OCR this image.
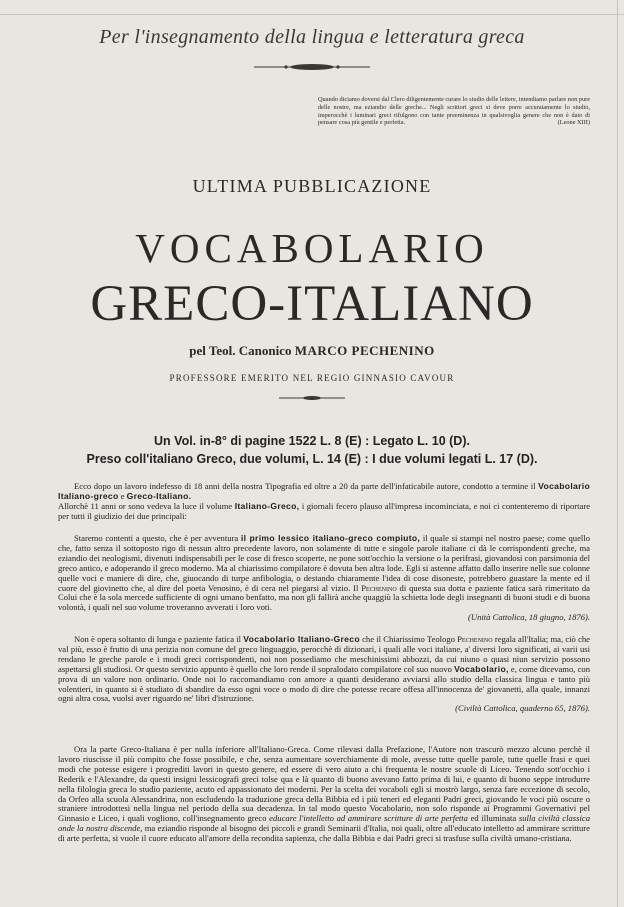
Per l'insegnamento della lingua e letteratura greca
Quando diciamo doversi dal Clero diligentemente curare lo studio delle lettere, intendiamo parlare non pure delle nostre, ma eziandio delle greche... Negli scrittori greci si deve porre accuratamente lo studio, imperocchè i luminari greci rifulgono con tante preeminenza in qualsivoglia genere che non è dato di pensare cosa più gentile e perfetta.	(Leone XIII)
ULTIMA PUBBLICAZIONE
VOCABOLARIO
GRECO-ITALIANO
pel Teol. Canonico MARCO PECHENINO
PROFESSORE EMERITO NEL REGIO GINNASIO CAVOUR
Un Vol. in-8° di pagine 1522 L. 8 (E) : Legato L. 10 (D).
Preso coll'italiano Greco, due volumi, L. 14 (E) : I due volumi legati L. 17 (D).

Ecco dopo un lavoro indefesso di 18 anni della nostra Tipografia ed oltre a 20 da parte dell'infaticabile autore, condotto a termine il Vocabolario Italiano-greco e Greco-Italiano.
Allorchè 11 anni or sono vedeva la luce il volume Italiano-Greco, i giornali fecero plauso all'impresa incominciata, e noi ci contenteremo di riportare per tutti il giudizio dei due principali:

Staremo contenti a questo, che è per avventura il primo lessico italiano-greco compiuto, il quale si stampi nel nostro paese; come quello che, fatto senza il sottoposto rigo di nessun altro precedente lavoro, non solamente di tutte e singole parole italiane ci dà le corrispondenti greche, ma eziandio dei neologismi, divenuti indispensabili per le cose di fresco scoperte, ne pone sott'occhio la versione o la perifrasi, giovandosi con parsimonia del greco antico, e adoperando il greco moderno. Ma al chiarissimo compilatore è dovuta ben altra lode. Egli si astenne affatto dallo inserire nelle sue colonne quelle voci e maniere di dire, che, giuocando di turpe anfibologia, o destando chiaramente l'idea di cose disoneste, potrebbero guastare la mente ed il cuore del giovinetto che, al dire del poeta Venosino, è di cera nel piegarsi al vizio. Il Pechenino di questa sua dotta e paziente fatica sarà rimeritato da Colui che è la sola mercede sufficiente di ogni umano benfatto, ma non gli fallirà anche quaggiù la schietta lode degli insegnanti di buoni studi e di buona volontà, i quali nel suo volume troveranno avverati i loro voti.

(Unità Cattolica, 18 giugno, 1876).

Non è opera soltanto di lunga e paziente fatica il Vocabolario Italiano-Greco che il Chiarissimo Teologo Pechenino regala all'Italia; ma, ciò che val più, esso è frutto di una perizia non comune del greco linguaggio, perocchè di dizionari, i quali alle voci italiane, a' diversi loro significati, ai varii usi rendano le greche parole e i modi greci corrispondenti, noi non possediamo che meschinissimi abbozzi, da cui niuno o quasi niun servizio possono aspettarsi gli studiosi. Or questo servizio appunto è quello che loro rende il sopralodato compilatore col suo nuovo Vocabolario, e, come dicevamo, con prova di un valore non ordinario. Onde noi lo raccomandiamo con amore a quanti desiderano avviarsi allo studio della classica lingua e tanto più volentieri, in quanto si è studiato di sbandire da esso ogni voce o modo di dire che potesse recare offesa all'innocenza de' giovanetti, alla quale, innanzi ogni altra cosa, vuolsi aver riguardo ne' libri d'istruzione.

(Civiltà Cattolica, quaderno 65, 1876).

Ora la parte Greco-Italiana è per nulla inferiore all'Italiano-Greca. Come rilevasi dalla Prefazione, l'Autore non trascurò mezzo alcuno perchè il lavoro riuscisse il più compito che fosse possibile, e che, senza aumentare soverchiamente di mole, avesse tutte quelle parole, tutte quelle frasi e quei modi che potesse esigere i progrediti lavori in questo genere, ed essere di vero aiuto a chi frequenta le nostre scuole di Liceo. Tenendo sott'occhio i Rederik e l'Alexandre, da questi insigni lessicografi greci tolse qua e là quanto di buono avevano fatto prima di lui, e quanto di buono seppe introdurre nella filologia greca lo studio paziente, acuto ed appassionato dei moderni. Per la scelta dei vocaboli egli si mostrò largo, senza fare eccezione di secolo, da Orfeo alla scuola Alessandrina, non escludendo la traduzione greca della Bibbia ed i più teneri ed eleganti Padri greci, giovando le voci più oscure o straniere introdottesi nella lingua nel periodo della sua decadenza. In tal modo questo Vocabolario, non solo risponde ai Programmi Governativi pel Ginnasio e Liceo, i quali vogliono, coll'insegnamento greco educare l'intelletto ad ammirare scritture di arte perfetta ed illuminata sulla civiltà classica onde la nostra discende, ma eziandio risponde al bisogno dei piccoli e grandi Seminarii d'Italia, noi quali, oltre all'educato intelletto ad ammirare scritture di arte perfetta, si vuole il cuore educato all'amore della recondita sapienza, che dalla Bibbia e dai Padri greci si trasfuse sulla civiltà umano-cristiana.
